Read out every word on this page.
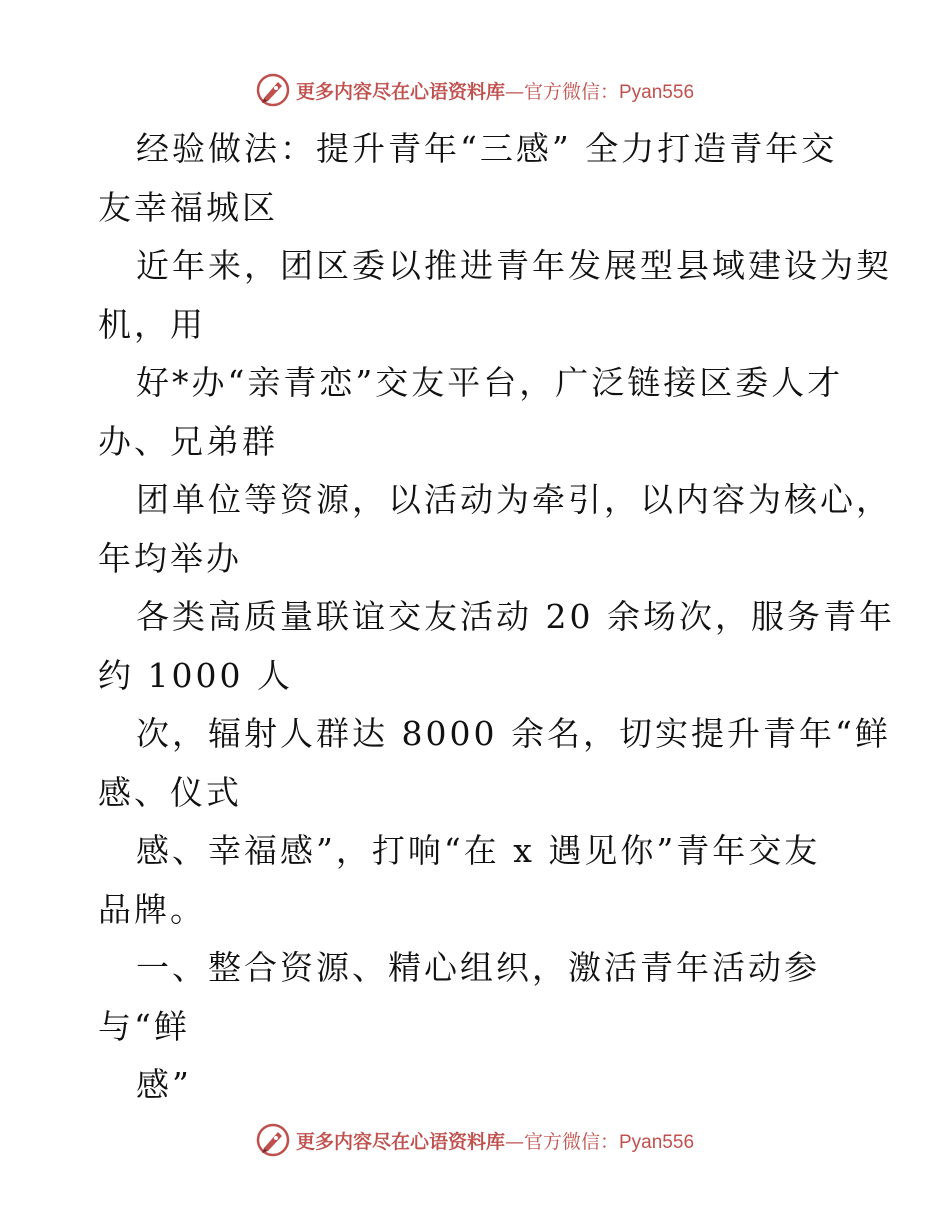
更多内容尽在心语资料库—官方微信：Pyan556
经验做法：提升青年“三感” 全力打造青年交
友幸福城区
近年来，团区委以推进青年发展型县域建设为契
机，用
好*办“亲青恋”交友平台，广泛链接区委人才
办、兄弟群
团单位等资源，以活动为牵引，以内容为核心，
年均举办
各类高质量联谊交友活动 20 余场次，服务青年
约 1000 人
次，辐射人群达 8000 余名，切实提升青年“鲜
感、仪式
感、幸福感”，打响“在 x 遇见你”青年交友
品牌。
一、整合资源、精心组织，激活青年活动参
与“鲜
感”
更多内容尽在心语资料库—官方微信：Pyan556
